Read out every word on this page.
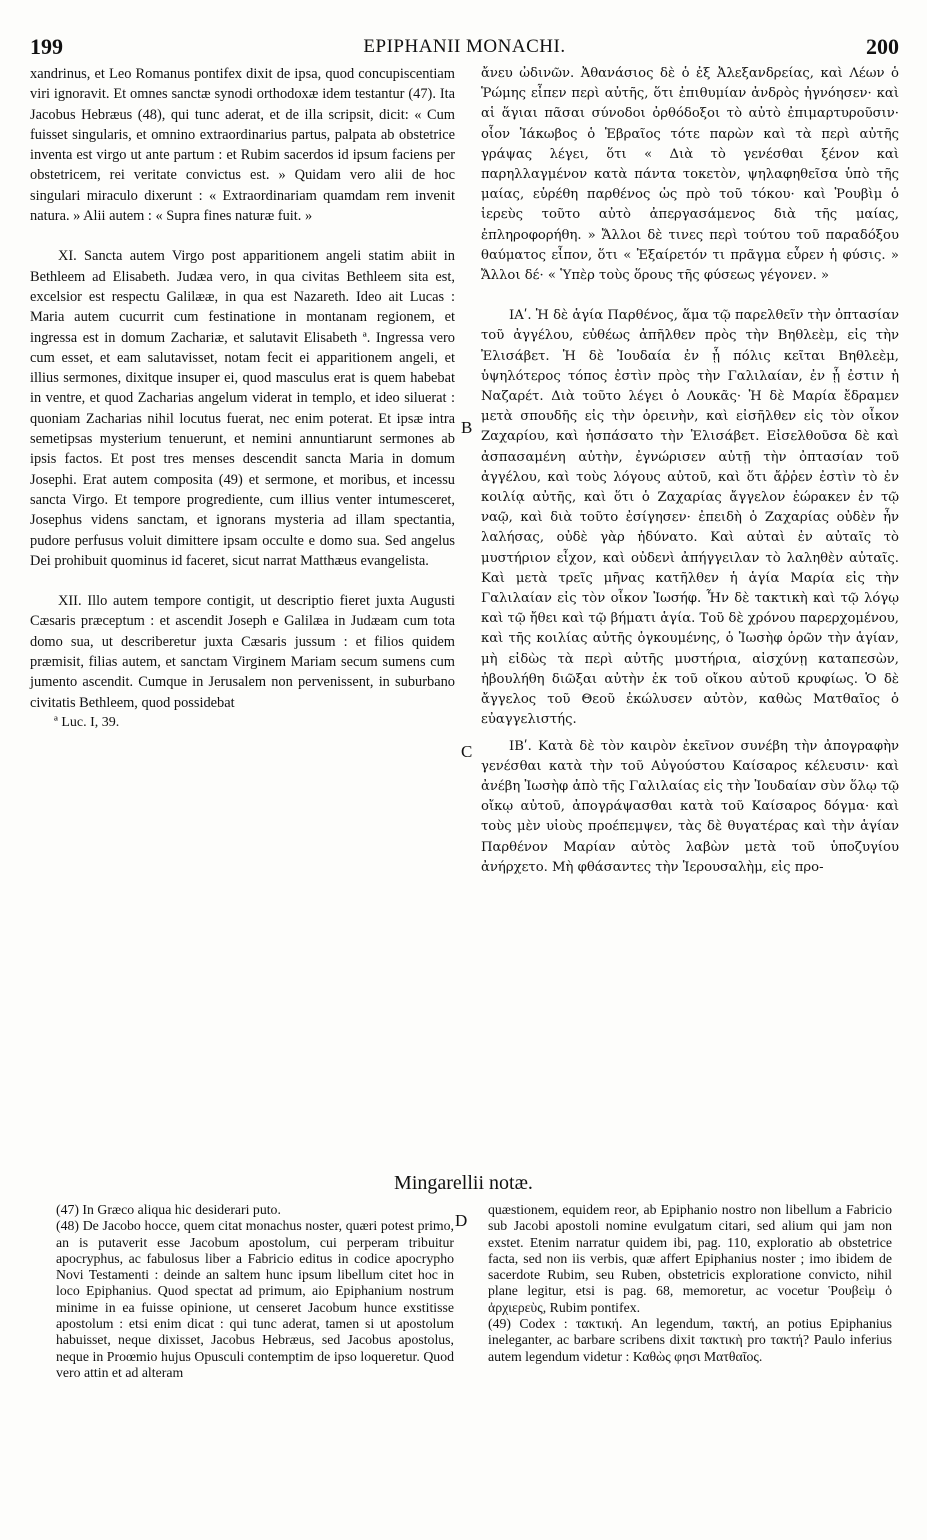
199	EPIPHANII MONACHI.	200

xandrinus, et Leo Romanus pontifex dixit de ipsa, quod concupiscentiam viri ignoravit. Et omnes sanctæ synodi orthodoxæ idem testantur (47). Ita Jacobus Hebræus (48), qui tunc aderat, et de illa scripsit, dicit: « Cum fuisset singularis, et omnino extraordinarius partus, palpata ab obstetrice inventa est virgo ut ante partum : et Rubim sacerdos id ipsum faciens per obstetricem, rei veritate convictus est. » Quidam vero alii de hoc singulari miraculo dixerunt : « Extraordinariam quamdam rem invenit natura. » Alii autem : « Supra fines naturæ fuit. »

XI. Sancta autem Virgo post apparitionem angeli statim abiit in Bethleem ad Elisabeth. Judæa vero, in qua civitas Bethleem sita est, excelsior est respectu Galilææ, in qua est Nazareth. Ideo ait Lucas : Maria autem cucurrit cum festinatione in montanam regionem, et ingressa est in domum Zachariæ, et salutavit Elisabeth ª. Ingressa vero cum esset, et eam salutavisset, notam fecit ei apparitionem angeli, et illius sermones, dixitque insuper ei, quod masculus erat is quem habebat in ventre, et quod Zacharias angelum viderat in templo, et ideo siluerat : quoniam Zacharias nihil locutus fuerat, nec enim poterat. Et ipsæ intra semetipsas mysterium tenuerunt, et nemini annuntiarunt sermones ab ipsis factos. Et post tres menses descendit sancta Maria in domum Josephi. Erat autem composita (49) et sermone, et moribus, et incessu sancta Virgo. Et tempore progrediente, cum illius venter intumesceret, Josephus videns sanctam, et ignorans mysteria ad illam spectantia, pudore perfusus voluit dimittere ipsam occulte e domo sua. Sed angelus Dei prohibuit quominus id faceret, sicut narrat Matthæus evangelista.

XII. Illo autem tempore contigit, ut descriptio fieret juxta Augusti Cæsaris præceptum : et ascendit Joseph e Galilæa in Judæam cum tota domo sua, ut describeretur juxta Cæsaris jussum : et filios quidem præmisit, filias autem, et sanctam Virginem Mariam secum sumens cum jumento ascendit. Cumque in Jerusalem non pervenissent, in suburbano civitatis Bethleem, quod possidebat

ª Luc. I, 39.

B
C

ἄνευ ὠδινῶν. Ἀθανάσιος δὲ ὁ ἐξ Ἀλεξανδρείας, καὶ Λέων ὁ Ῥώμης εἶπεν περὶ αὐτῆς, ὅτι ἐπιθυμίαν ἀνδρὸς ἠγνόησεν· καὶ αἱ ἅγιαι πᾶσαι σύνοδοι ὀρθόδοξοι τὸ αὐτὸ ἐπιμαρτυροῦσιν· οἷον Ἰάκωβος ὁ Ἑβραῖος τότε παρὼν καὶ τὰ περὶ αὐτῆς γράψας λέγει, ὅτι « Διὰ τὸ γενέσθαι ξένον καὶ παρηλλαγμένον κατὰ πάντα τοκετὸν, ψηλαφηθεῖσα ὑπὸ τῆς μαίας, εὑρέθη παρθένος ὡς πρὸ τοῦ τόκου· καὶ Ῥουβὶμ ὁ ἱερεὺς τοῦτο αὐτὸ ἀπεργασάμενος διὰ τῆς μαίας, ἐπληροφορήθη. » Ἄλλοι δὲ τινες περὶ τούτου τοῦ παραδόξου θαύματος εἶπον, ὅτι « Ἐξαίρετόν τι πρᾶγμα εὗρεν ἡ φύσις. » Ἄλλοι δέ· « Ὑπὲρ τοὺς ὅρους τῆς φύσεως γέγονεν. »

ΙΑʹ. Ἡ δὲ ἁγία Παρθένος, ἅμα τῷ παρελθεῖν τὴν ὀπτασίαν τοῦ ἀγγέλου, εὐθέως ἀπῆλθεν πρὸς τὴν Βηθλεὲμ, εἰς τὴν Ἐλισάβετ. Ἡ δὲ Ἰουδαία ἐν ᾗ πόλις κεῖται Βηθλεὲμ, ὑψηλότερος τόπος ἐστὶν πρὸς τὴν Γαλιλαίαν, ἐν ᾗ ἐστιν ἡ Ναζαρέτ. Διὰ τοῦτο λέγει ὁ Λουκᾶς· Ἡ δὲ Μαρία ἔδραμεν μετὰ σπουδῆς εἰς τὴν ὀρεινὴν, καὶ εἰσῆλθεν εἰς τὸν οἶκον Ζαχαρίου, καὶ ἠσπάσατο τὴν Ἐλισάβετ. Εἰσελθοῦσα δὲ καὶ ἀσπασαμένη αὐτὴν, ἐγνώρισεν αὐτῇ τὴν ὀπτασίαν τοῦ ἀγγέλου, καὶ τοὺς λόγους αὐτοῦ, καὶ ὅτι ἄῤῥεν ἐστὶν τὸ ἐν κοιλίᾳ αὐτῆς, καὶ ὅτι ὁ Ζαχαρίας ἄγγελον ἑώρακεν ἐν τῷ ναῷ, καὶ διὰ τοῦτο ἐσίγησεν· ἐπειδὴ ὁ Ζαχαρίας οὐδὲν ἦν λαλήσας, οὐδὲ γὰρ ἠδύνατο. Καὶ αὐταὶ ἐν αὐταῖς τὸ μυστήριον εἶχον, καὶ οὐδενὶ ἀπήγγειλαν τὸ λαληθὲν αὐταῖς. Καὶ μετὰ τρεῖς μῆνας κατῆλθεν ἡ ἁγία Μαρία εἰς τὴν Γαλιλαίαν εἰς τὸν οἶκον Ἰωσήφ. Ἦν δὲ τακτικὴ καὶ τῷ λόγῳ καὶ τῷ ἤθει καὶ τῷ βήματι ἁγία. Τοῦ δὲ χρόνου παρερχομένου, καὶ τῆς κοιλίας αὐτῆς ὀγκουμένης, ὁ Ἰωσὴφ ὁρῶν τὴν ἁγίαν, μὴ εἰδὼς τὰ περὶ αὐτῆς μυστήρια, αἰσχύνῃ καταπεσὼν, ἠβουλήθη διῶξαι αὐτὴν ἐκ τοῦ οἴκου αὐτοῦ κρυφίως. Ὁ δὲ ἄγγελος τοῦ Θεοῦ ἐκώλυσεν αὐτὸν, καθὼς Ματθαῖος ὁ εὐαγγελιστής.

ΙΒʹ. Κατὰ δὲ τὸν καιρὸν ἐκεῖνον συνέβη τὴν ἀπογραφὴν γενέσθαι κατὰ τὴν τοῦ Αὐγούστου Καίσαρος κέλευσιν· καὶ ἀνέβη Ἰωσὴφ ἀπὸ τῆς Γαλιλαίας εἰς τὴν Ἰουδαίαν σὺν ὅλῳ τῷ οἴκῳ αὐτοῦ, ἀπογράψασθαι κατὰ τοῦ Καίσαρος δόγμα· καὶ τοὺς μὲν υἱοὺς προέπεμψεν, τὰς δὲ θυγατέρας καὶ τὴν ἁγίαν Παρθένον Μαρίαν αὐτὸς λαβὼν μετὰ τοῦ ὑποζυγίου ἀνήρχετο. Μὴ φθάσαντες τὴν Ἱερουσαλὴμ, εἰς προ-

Mingarellii notæ.

(47) In Græco aliqua hic desiderari puto.

(48) De Jacobo hocce, quem citat monachus noster, quæri potest primo, an is putaverit esse Jacobum apostolum, cui perperam tribuitur apocryphus, ac fabulosus liber a Fabricio editus in codice apocrypho Novi Testamenti : deinde an saltem hunc ipsum libellum citet hoc in loco Epiphanius. Quod spectat ad primum, aio Epiphanium nostrum minime in ea fuisse opinione, ut censeret Jacobum hunce exstitisse apostolum : etsi enim dicat : qui tunc aderat, tamen si ut apostolum habuisset, neque dixisset, Jacobus Hebræus, sed Jacobus apostolus, neque in Proœmio hujus Opusculi contemptim de ipso loqueretur. Quod vero attin et ad alteram

D

quæstionem, equidem reor, ab Epiphanio nostro non libellum a Fabricio sub Jacobi apostoli nomine evulgatum citari, sed alium qui jam non exstet. Etenim narratur quidem ibi, pag. 110, exploratio ab obstetrice facta, sed non iis verbis, quæ affert Epiphanius noster ; imo ibidem de sacerdote Rubim, seu Ruben, obstetricis exploratione convicto, nihil plane legitur, etsi is pag. 68, memoretur, ac vocetur Ῥουβεὶμ ὁ ἀρχιερεὺς, Rubim pontifex.

(49) Codex : τακτική. An legendum, τακτή, an potius Epiphanius ineleganter, ac barbare scribens dixit τακτικὴ pro τακτή? Paulo inferius autem legendum videtur : Καθὼς φησι Ματθαῖος.
